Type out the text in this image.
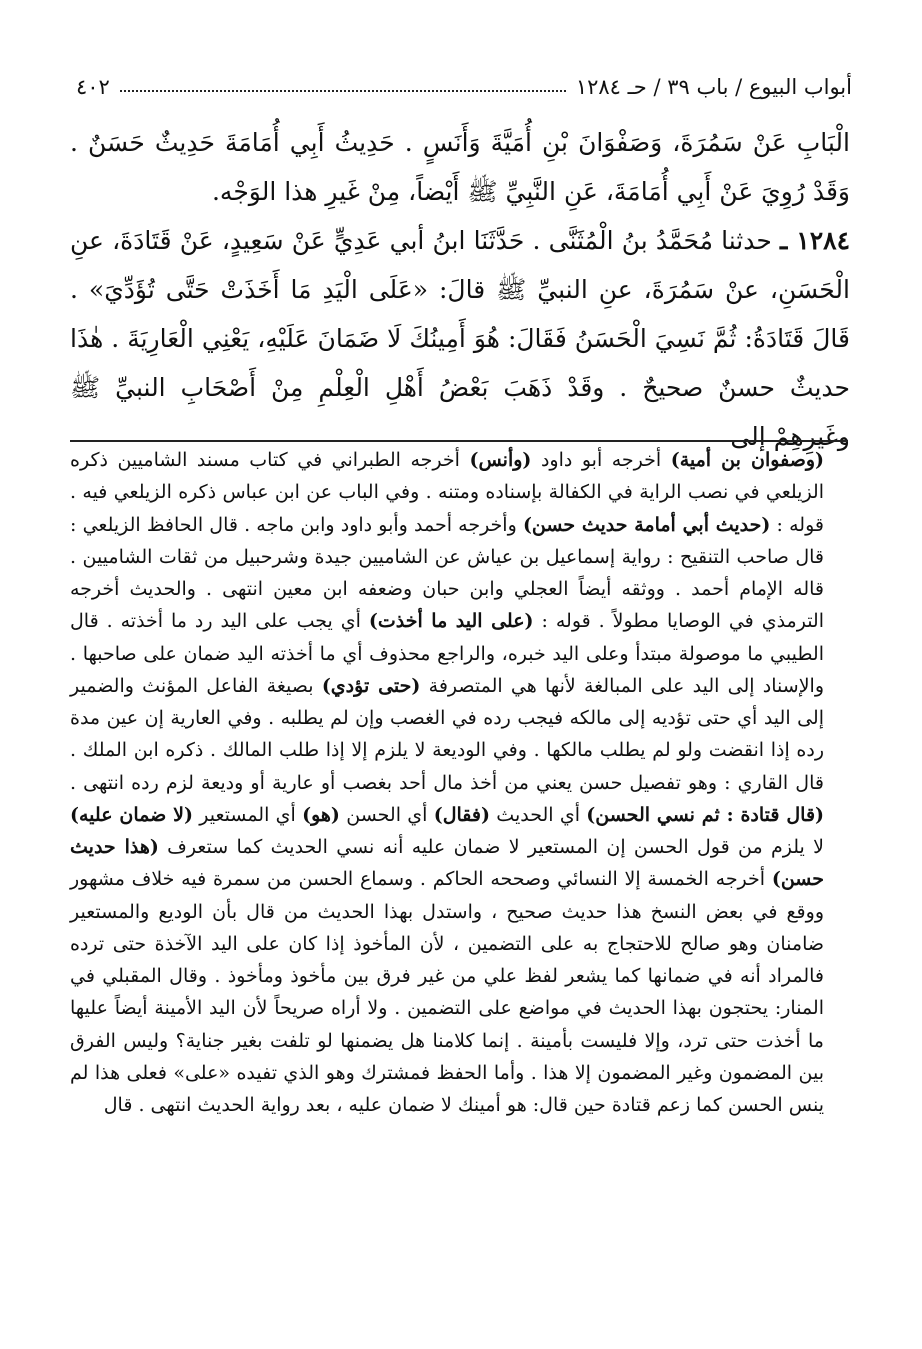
٤٠٢	أبواب البيوع / باب ٣٩ / حـ ١٢٨٤

الْبَابِ عَنْ سَمُرَةَ، وَصَفْوَانَ بْنِ أُمَيَّةَ وَأَنَسٍ . حَدِيثُ أَبِي أُمَامَةَ حَدِيثٌ حَسَنٌ . وَقَدْ رُوِيَ عَنْ أَبِي أُمَامَةَ، عَنِ النَّبِيِّ ﷺ أَيْضاً، مِنْ غَيرِ هذا الوَجْه.

١٢٨٤ ـ حدثنا مُحَمَّدُ بنُ الْمُثَنَّى . حَدَّثَنَا ابنُ أبي عَدِيٍّ عَنْ سَعِيدٍ، عَنْ قَتَادَةَ، عنِ الْحَسَنِ، عنْ سَمُرَةَ، عنِ النبيِّ ﷺ قالَ: «عَلَى الْيَدِ مَا أَخَذَتْ حَتَّى تُؤَدِّيَ» . قَالَ قَتَادَةُ: ثُمَّ نَسِيَ الْحَسَنُ فَقَالَ: هُوَ أَمِينُكَ لَا ضَمَانَ عَلَيْهِ، يَعْنِي الْعَارِيَةَ . هٰذَا حديثٌ حسنٌ صحيحٌ . وقَدْ ذَهَبَ بَعْضُ أَهْلِ الْعِلْمِ مِنْ أَصْحَابِ النبيِّ ﷺ وغَيرِهِمْ إلى

(وصفوان بن أمية) أخرجه أبو داود (وأنس) أخرجه الطبراني في كتاب مسند الشاميين ذكره الزيلعي في نصب الراية في الكفالة بإسناده ومتنه . وفي الباب عن ابن عباس ذكره الزيلعي فيه . قوله : (حديث أبي أمامة حديث حسن) وأخرجه أحمد وأبو داود وابن ماجه . قال الحافظ الزيلعي : قال صاحب التنقيح : رواية إسماعيل بن عياش عن الشاميين جيدة وشرحبيل من ثقات الشاميين . قاله الإمام أحمد . ووثقه أيضاً العجلي وابن حبان وضعفه ابن معين انتهى . والحديث أخرجه الترمذي في الوصايا مطولاً . قوله : (على اليد ما أخذت) أي يجب على اليد رد ما أخذته . قال الطيبي ما موصولة مبتدأ وعلى اليد خبره، والراجع محذوف أي ما أخذته اليد ضمان على صاحبها . والإسناد إلى اليد على المبالغة لأنها هي المتصرفة (حتى تؤدي) بصيغة الفاعل المؤنث والضمير إلى اليد أي حتى تؤديه إلى مالكه فيجب رده في الغصب وإن لم يطلبه . وفي العارية إن عين مدة رده إذا انقضت ولو لم يطلب مالكها . وفي الوديعة لا يلزم إلا إذا طلب المالك . ذكره ابن الملك . قال القاري : وهو تفصيل حسن يعني من أخذ مال أحد بغصب أو عارية أو وديعة لزم رده انتهى . (قال قتادة : ثم نسي الحسن) أي الحديث (فقال) أي الحسن (هو) أي المستعير (لا ضمان عليه) لا يلزم من قول الحسن إن المستعير لا ضمان عليه أنه نسي الحديث كما ستعرف (هذا حديث حسن) أخرجه الخمسة إلا النسائي وصححه الحاكم . وسماع الحسن من سمرة فيه خلاف مشهور ووقع في بعض النسخ هذا حديث صحيح ، واستدل بهذا الحديث من قال بأن الوديع والمستعير ضامنان وهو صالح للاحتجاج به على التضمين ، لأن المأخوذ إذا كان على اليد الآخذة حتى ترده فالمراد أنه في ضمانها كما يشعر لفظ علي من غير فرق بين مأخوذ ومأخوذ . وقال المقبلي في المنار: يحتجون بهذا الحديث في مواضع على التضمين . ولا أراه صريحاً لأن اليد الأمينة أيضاً عليها ما أخذت حتى ترد، وإلا فليست بأمينة . إنما كلامنا هل يضمنها لو تلفت بغير جناية؟ وليس الفرق بين المضمون وغير المضمون إلا هذا . وأما الحفظ فمشترك وهو الذي تفيده «على» فعلى هذا لم ينس الحسن كما زعم قتادة حين قال: هو أمينك لا ضمان عليه ، بعد رواية الحديث انتهى . قال
